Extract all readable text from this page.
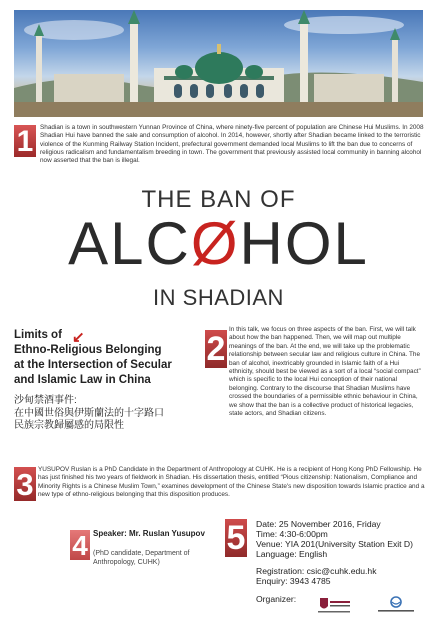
1	Shadian is a town in southwestern Yunnan Province of China, where ninety-five percent of population are Chinese Hui Muslims. In 2008 Shadian Hui have banned the sale and consumption of alcohol. In 2014, however, shortly after Shadian became linked to the terroristic violence of the Kunming Railway Station Incident, prefectural government demanded local Muslims to lift the ban due to concerns of religious radicalism and fundamentalism breeding in town. The government that previously assisted local community in banning alcohol now asserted that the ban is illegal.

THE BAN OF
ALCØHOL
IN SHADIAN
Limits of
Ethno-Religious Belonging
at the Intersection of Secular
and Islamic Law in China
↙
沙甸禁酒事件:
在中國世俗與伊斯蘭法的十字路口
民族宗教歸屬感的局限性
2

In this talk, we focus on three aspects of the ban. First, we will talk about how the ban happened. Then, we will map out multiple meanings of the ban. At the end, we will take up the problematic relationship between secular law and religious culture in China. The ban of alcohol, inextricably grounded in Islamic faith of a Hui ethnicity, should best be viewed as a sort of a local “social compact” which is specific to the local Hui conception of their national belonging. Contrary to the discourse that Shadian Muslims have crossed the boundaries of a permissible ethnic behaviour in China, we show that the ban is a collective product of historical legacies, state actors, and Shadian citizens.

3 YUSUPOV Ruslan is a PhD Candidate in the Department of Anthropology at CUHK. He is a recipient of Hong Kong PhD Fellowship. He has just finished his two years of fieldwork in Shadian. His dissertation thesis, entitled “Pious citizenship: Nationalism, Compliance and Minority Rights is a Chinese Muslim Town,” examines development of the Chinese State's new disposition towards Islamic practice and a new type of ethno-religious belonging that this disposition produces.

4 Speaker: Mr. Ruslan Yusupov
(PhD candidate, Department of Anthropology, CUHK)
5 Date: 25 November 2016, Friday
Time: 4:30-6:00pm
Venue: YIA 201(University Station Exit D)
Language: English
Registration: csic@cuhk.edu.hk
Enquiry: 3943 4785
Organizer:
